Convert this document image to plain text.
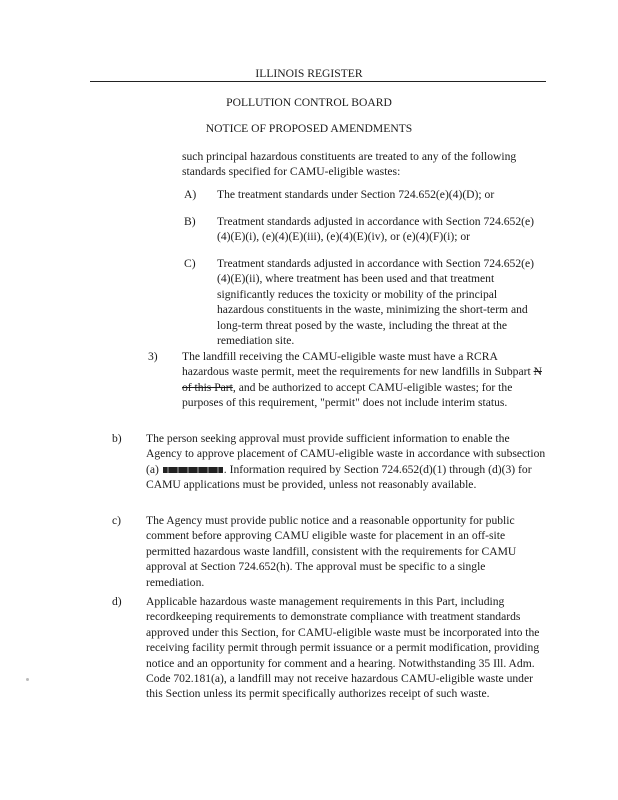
ILLINOIS REGISTER
POLLUTION CONTROL BOARD
NOTICE OF PROPOSED AMENDMENTS
such principal hazardous constituents are treated to any of the following standards specified for CAMU-eligible wastes:
A) The treatment standards under Section 724.652(e)(4)(D); or
B) Treatment standards adjusted in accordance with Section 724.652(e)(4)(E)(i), (e)(4)(E)(iii), (e)(4)(E)(iv), or (e)(4)(F)(i); or
C) Treatment standards adjusted in accordance with Section 724.652(e)(4)(E)(ii), where treatment has been used and that treatment significantly reduces the toxicity or mobility of the principal hazardous constituents in the waste, minimizing the short-term and long-term threat posed by the waste, including the threat at the remediation site.
3) The landfill receiving the CAMU-eligible waste must have a RCRA hazardous waste permit, meet the requirements for new landfills in Subpart N of this Part, and be authorized to accept CAMU-eligible wastes; for the purposes of this requirement, "permit" does not include interim status.
b) The person seeking approval must provide sufficient information to enable the Agency to approve placement of CAMU-eligible waste in accordance with subsection (a)	. Information required by Section 724.652(d)(1) through (d)(3) for CAMU applications must be provided, unless not reasonably available.
c) The Agency must provide public notice and a reasonable opportunity for public comment before approving CAMU eligible waste for placement in an off-site permitted hazardous waste landfill, consistent with the requirements for CAMU approval at Section 724.652(h). The approval must be specific to a single remediation.
d) Applicable hazardous waste management requirements in this Part, including recordkeeping requirements to demonstrate compliance with treatment standards approved under this Section, for CAMU-eligible waste must be incorporated into the receiving facility permit through permit issuance or a permit modification, providing notice and an opportunity for comment and a hearing. Notwithstanding 35 Ill. Adm. Code 702.181(a), a landfill may not receive hazardous CAMU-eligible waste under this Section unless its permit specifically authorizes receipt of such waste.
